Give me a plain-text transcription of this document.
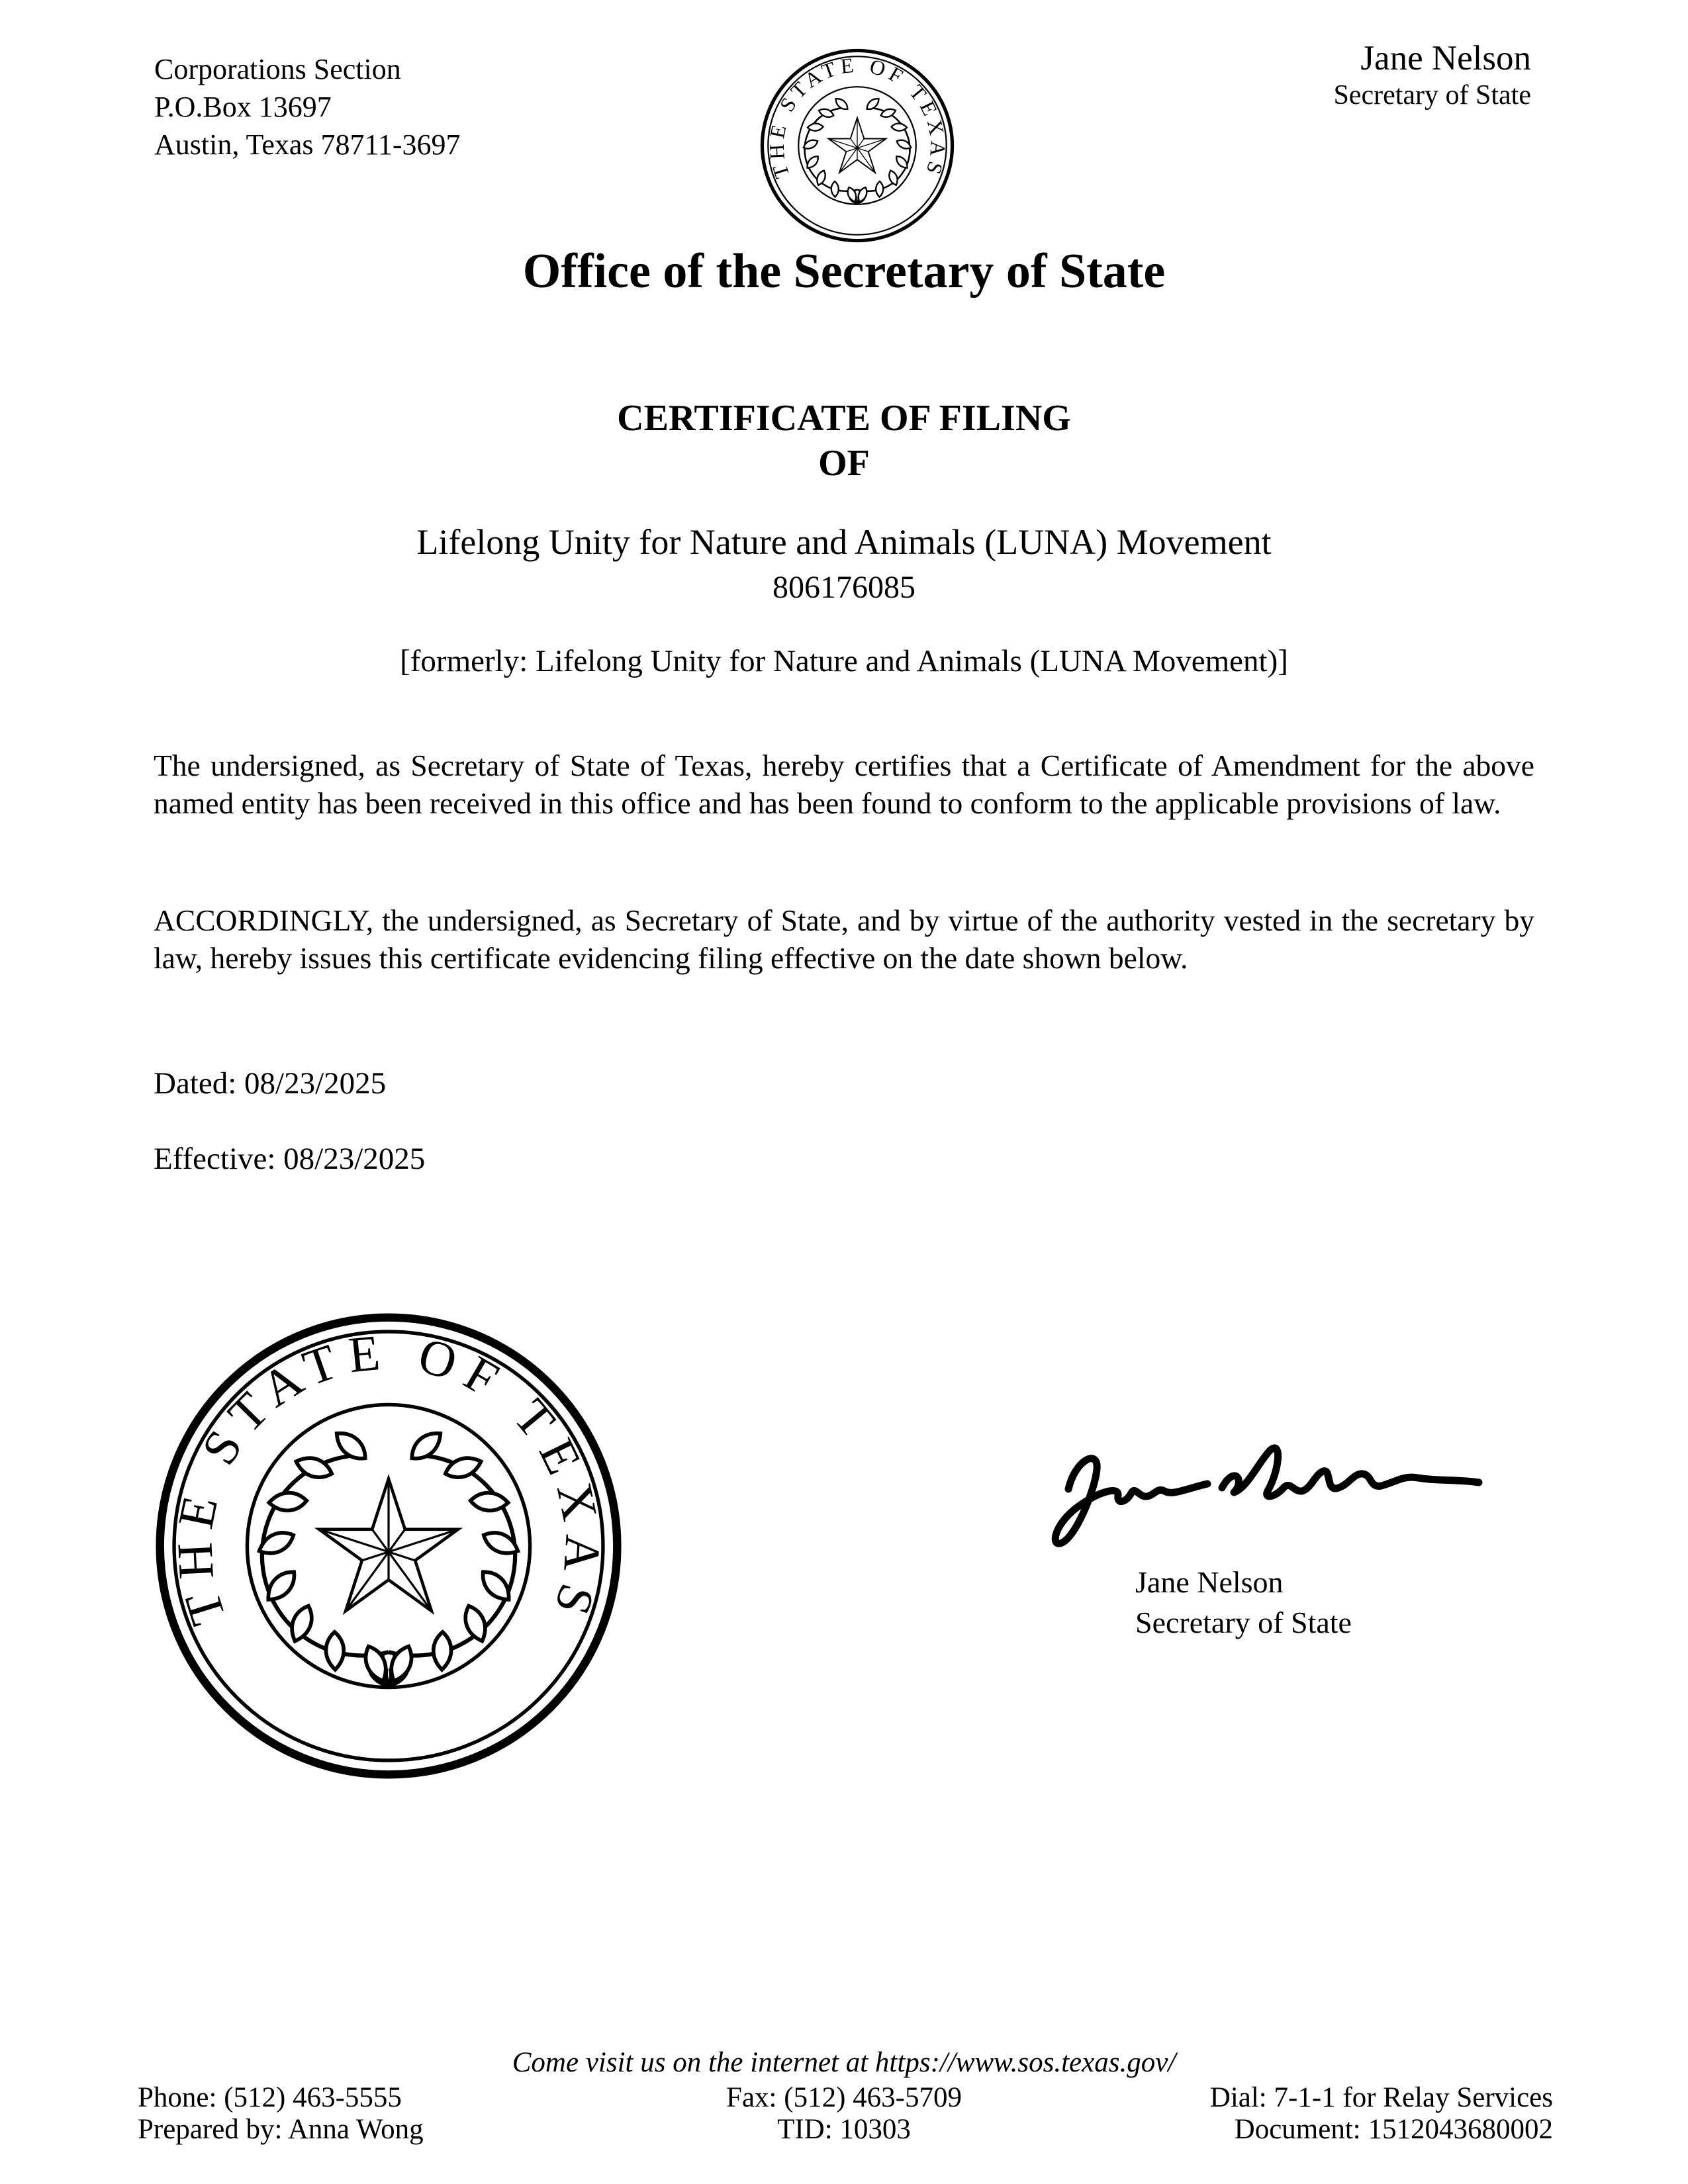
Corporations Section
P.O.Box 13697
Austin, Texas 78711-3697
Jane Nelson
Secretary of State
Office of the Secretary of State
CERTIFICATE OF FILING
OF
Lifelong Unity for Nature and Animals (LUNA) Movement
806176085
[formerly: Lifelong Unity for Nature and Animals (LUNA Movement)]
The undersigned, as Secretary of State of Texas, hereby certifies that a Certificate of Amendment for the above named entity has been received in this office and has been found to conform to the applicable provisions of law.
ACCORDINGLY, the undersigned, as Secretary of State, and by virtue of the authority vested in the secretary by law, hereby issues this certificate evidencing filing effective on the date shown below.
Dated: 08/23/2025
Effective: 08/23/2025
Jane Nelson
Secretary of State
Come visit us on the internet at https://www.sos.texas.gov/
Phone: (512) 463-5555	Fax: (512) 463-5709	Dial: 7-1-1 for Relay Services
Prepared by: Anna Wong	TID: 10303	Document: 1512043680002
